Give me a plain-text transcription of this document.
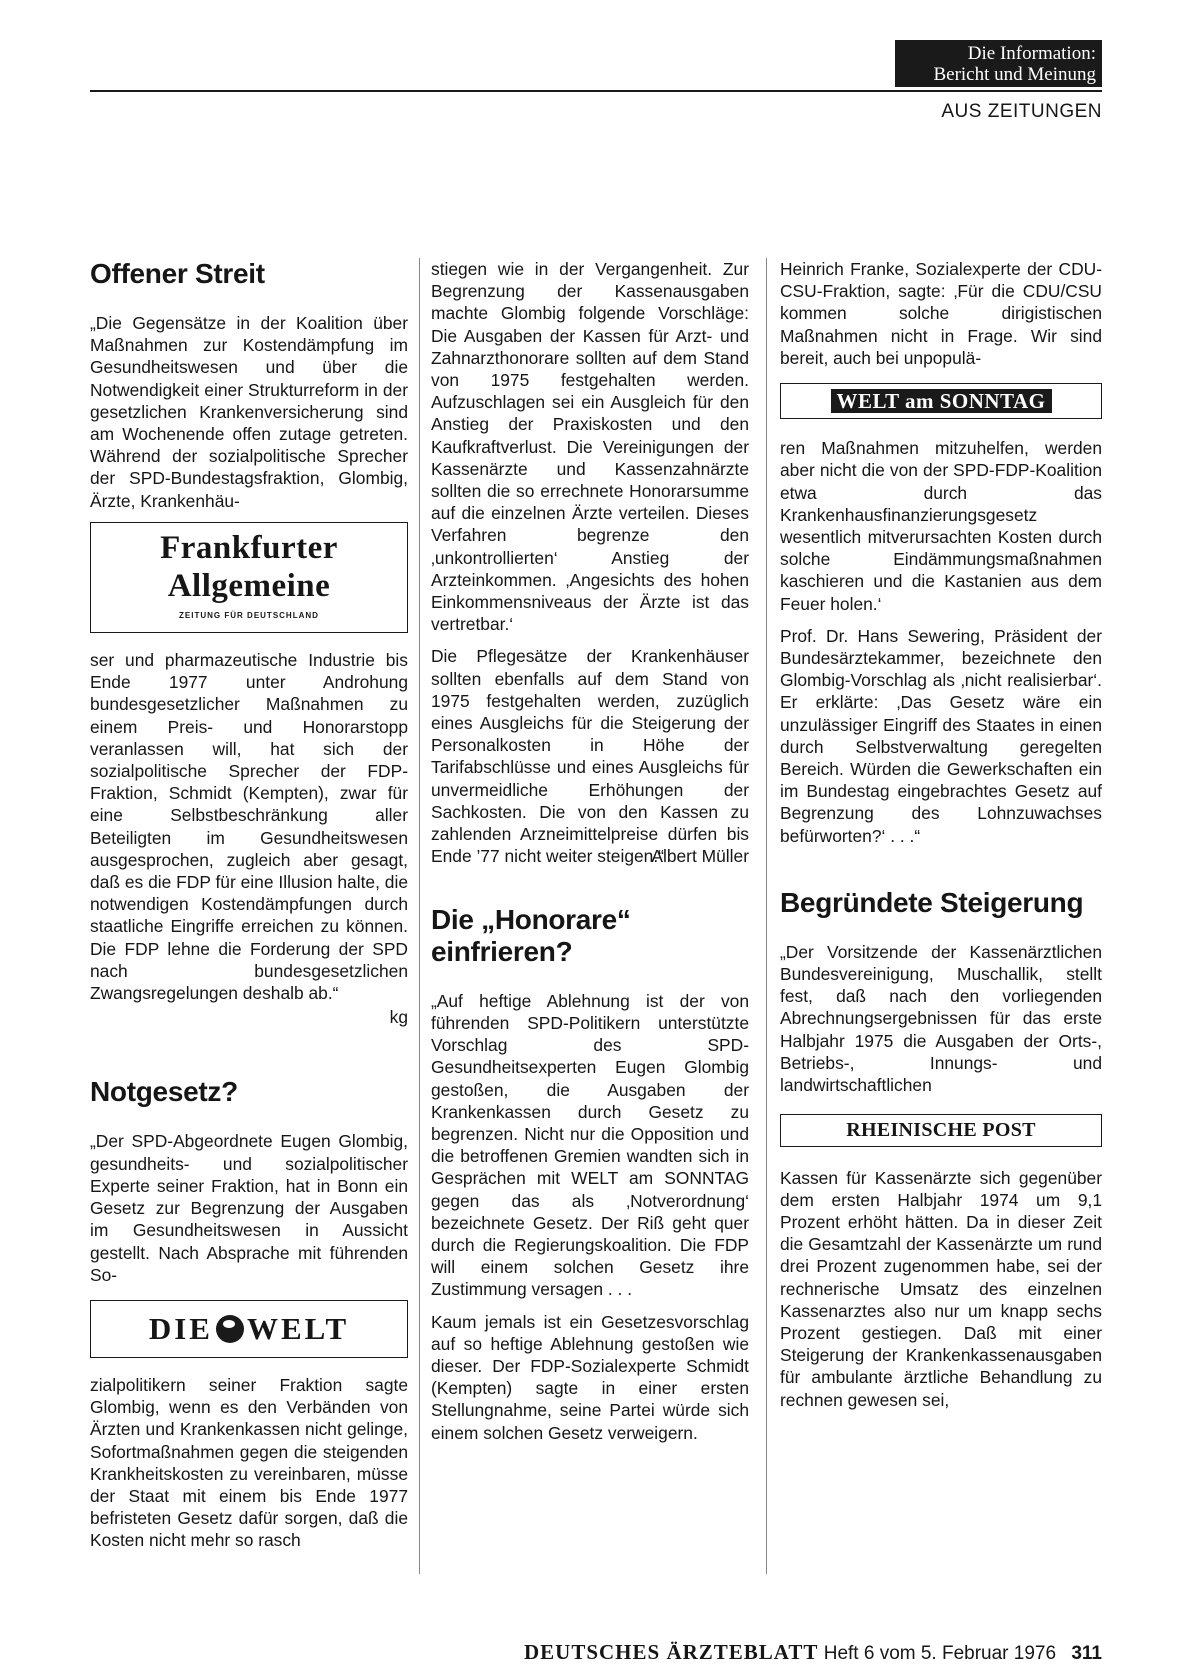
Die Information:
Bericht und Meinung
AUS ZEITUNGEN
Offener Streit

„Die Gegensätze in der Koalition über Maßnahmen zur Kostendämpfung im Gesundheitswesen und über die Notwendigkeit einer Strukturreform in der gesetzlichen Krankenversicherung sind am Wochenende offen zutage getreten. Während der sozialpolitische Sprecher der SPD-Bundestagsfraktion, Glombig, Ärzte, Krankenhäu-

Frankfurter Allgemeine
ZEITUNG FÜR DEUTSCHLAND

ser und pharmazeutische Industrie bis Ende 1977 unter Androhung bundesgesetzlicher Maßnahmen zu einem Preis- und Honorarstopp veranlassen will, hat sich der sozialpolitische Sprecher der FDP-Fraktion, Schmidt (Kempten), zwar für eine Selbstbeschränkung aller Beteiligten im Gesundheitswesen ausgesprochen, zugleich aber gesagt, daß es die FDP für eine Illusion halte, die notwendigen Kostendämpfungen durch staatliche Eingriffe erreichen zu können. Die FDP lehne die Forderung der SPD nach bundesgesetzlichen Zwangsregelungen deshalb ab.“

kg
Notgesetz?

„Der SPD-Abgeordnete Eugen Glombig, gesundheits- und sozialpolitischer Experte seiner Fraktion, hat in Bonn ein Gesetz zur Begrenzung der Ausgaben im Gesundheitswesen in Aussicht gestellt. Nach Absprache mit führenden So-

DIE WELT

zialpolitikern seiner Fraktion sagte Glombig, wenn es den Verbänden von Ärzten und Krankenkassen nicht gelinge, Sofortmaßnahmen gegen die steigenden Krankheitskosten zu vereinbaren, müsse der Staat mit einem bis Ende 1977 befristeten Gesetz dafür sorgen, daß die Kosten nicht mehr so rasch

stiegen wie in der Vergangenheit. Zur Begrenzung der Kassenausgaben machte Glombig folgende Vorschläge: Die Ausgaben der Kassen für Arzt- und Zahnarzthonorare sollten auf dem Stand von 1975 festgehalten werden. Aufzuschlagen sei ein Ausgleich für den Anstieg der Praxiskosten und den Kaufkraftverlust. Die Vereinigungen der Kassenärzte und Kassenzahnärzte sollten die so errechnete Honorarsumme auf die einzelnen Ärzte verteilen. Dieses Verfahren begrenze den ‚unkontrollierten‘ Anstieg der Arzteinkommen. ‚Angesichts des hohen Einkommensniveaus der Ärzte ist das vertretbar.‘

Die Pflegesätze der Krankenhäuser sollten ebenfalls auf dem Stand von 1975 festgehalten werden, zuzüglich eines Ausgleichs für die Steigerung der Personalkosten in Höhe der Tarifabschlüsse und eines Ausgleichs für unvermeidliche Erhöhungen der Sachkosten. Die von den Kassen zu zahlenden Arzneimittelpreise dürfen bis Ende ’77 nicht weiter steigen.“

Albert Müller
Die „Honorare“ einfrieren?

„Auf heftige Ablehnung ist der von führenden SPD-Politikern unterstützte Vorschlag des SPD-Gesundheitsexperten Eugen Glombig gestoßen, die Ausgaben der Krankenkassen durch Gesetz zu begrenzen. Nicht nur die Opposition und die betroffenen Gremien wandten sich in Gesprächen mit WELT am SONNTAG gegen das als ‚Notverordnung‘ bezeichnete Gesetz. Der Riß geht quer durch die Regierungskoalition. Die FDP will einem solchen Gesetz ihre Zustimmung versagen . . .

Kaum jemals ist ein Gesetzesvorschlag auf so heftige Ablehnung gestoßen wie dieser. Der FDP-Sozialexperte Schmidt (Kempten) sagte in einer ersten Stellungnahme, seine Partei würde sich einem solchen Gesetz verweigern.

Heinrich Franke, Sozialexperte der CDU-CSU-Fraktion, sagte: ‚Für die CDU/CSU kommen solche dirigistischen Maßnahmen nicht in Frage. Wir sind bereit, auch bei unpopulä-

WELT am SONNTAG

ren Maßnahmen mitzuhelfen, werden aber nicht die von der SPD-FDP-Koalition etwa durch das Krankenhausfinanzierungsgesetz wesentlich mitverursachten Kosten durch solche Eindämmungsmaßnahmen kaschieren und die Kastanien aus dem Feuer holen.‘

Prof. Dr. Hans Sewering, Präsident der Bundesärztekammer, bezeichnete den Glombig-Vorschlag als ‚nicht realisierbar‘. Er erklärte: ‚Das Gesetz wäre ein unzulässiger Eingriff des Staates in einen durch Selbstverwaltung geregelten Bereich. Würden die Gewerkschaften ein im Bundestag eingebrachtes Gesetz auf Begrenzung des Lohnzuwachses befürworten?‘ . . .“

Begründete Steigerung

„Der Vorsitzende der Kassenärztlichen Bundesvereinigung, Muschallik, stellt fest, daß nach den vorliegenden Abrechnungsergebnissen für das erste Halbjahr 1975 die Ausgaben der Orts-, Betriebs-, Innungs- und landwirtschaftlichen

RHEINISCHE POST

Kassen für Kassenärzte sich gegenüber dem ersten Halbjahr 1974 um 9,1 Prozent erhöht hätten. Da in dieser Zeit die Gesamtzahl der Kassenärzte um rund drei Prozent zugenommen habe, sei der rechnerische Umsatz des einzelnen Kassenarztes also nur um knapp sechs Prozent gestiegen. Daß mit einer Steigerung der Krankenkassenausgaben für ambulante ärztliche Behandlung zu rechnen gewesen sei,

DEUTSCHES ÄRZTEBLATT Heft 6 vom 5. Februar 1976 311
